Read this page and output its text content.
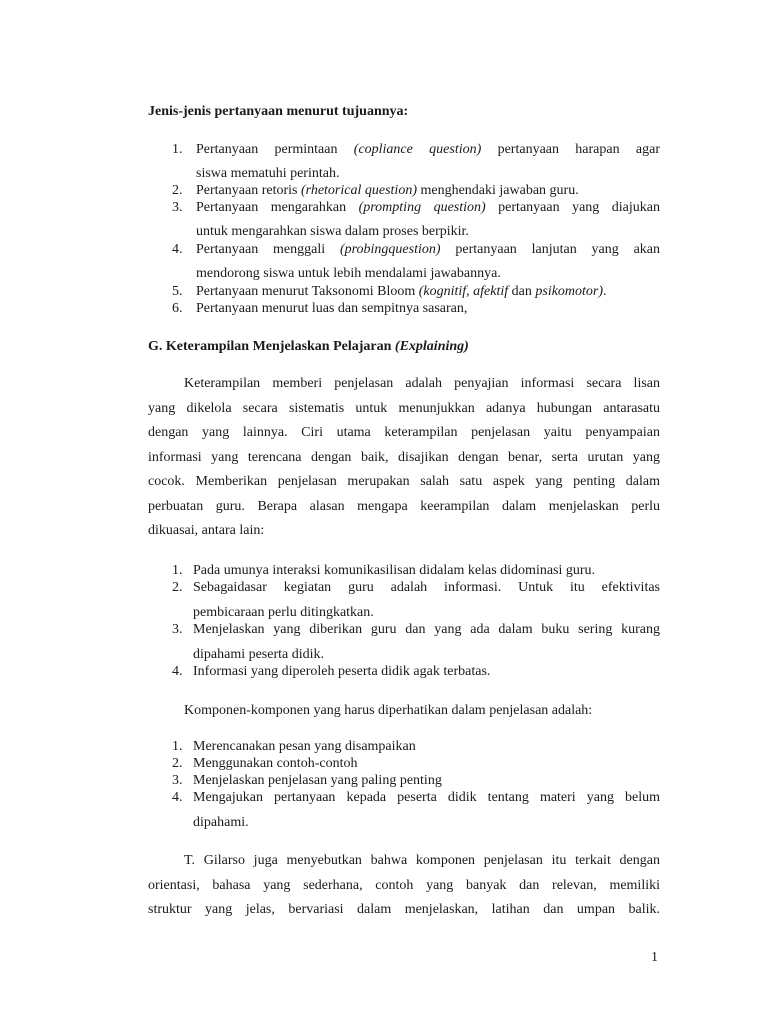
Jenis-jenis pertanyaan menurut tujuannya:

1. Pertanyaan permintaan (copliance question) pertanyaan harapan agar
siswa mematuhi perintah.
2. Pertanyaan retoris (rhetorical question) menghendaki jawaban guru.
3. Pertanyaan mengarahkan (prompting question) pertanyaan yang diajukan
untuk mengarahkan siswa dalam proses berpikir.
4. Pertanyaan menggali (probingquestion) pertanyaan lanjutan yang akan
mendorong siswa untuk lebih mendalami jawabannya.
5. Pertanyaan menurut Taksonomi Bloom (kognitif, afektif dan psikomotor).
6. Pertanyaan menurut luas dan sempitnya sasaran,

G. Keterampilan Menjelaskan Pelajaran (Explaining)

Keterampilan memberi penjelasan adalah penyajian informasi secara lisan
yang dikelola secara sistematis untuk menunjukkan adanya hubungan antarasatu
dengan yang lainnya. Ciri utama keterampilan penjelasan yaitu penyampaian
informasi yang terencana dengan baik, disajikan dengan benar, serta urutan yang
cocok. Memberikan penjelasan merupakan salah satu aspek yang penting dalam
perbuatan guru. Berapa alasan mengapa keerampilan dalam menjelaskan perlu
dikuasai, antara lain:
1. Pada umunya interaksi komunikasilisan didalam kelas didominasi guru.
2. Sebagaidasar kegiatan guru adalah informasi. Untuk itu efektivitas
pembicaraan perlu ditingkatkan.
3. Menjelaskan yang diberikan guru dan yang ada dalam buku sering kurang
dipahami peserta didik.
4. Informasi yang diperoleh peserta didik agak terbatas.

Komponen-komponen yang harus diperhatikan dalam penjelasan adalah:

1. Merencanakan pesan yang disampaikan
2. Menggunakan contoh-contoh
3. Menjelaskan penjelasan yang paling penting
4. Mengajukan pertanyaan kepada peserta didik tentang materi yang belum
dipahami.
T. Gilarso juga menyebutkan bahwa komponen penjelasan itu terkait dengan
orientasi, bahasa yang sederhana, contoh yang banyak dan relevan, memiliki
struktur yang jelas, bervariasi dalam menjelaskan, latihan dan umpan balik.
1
